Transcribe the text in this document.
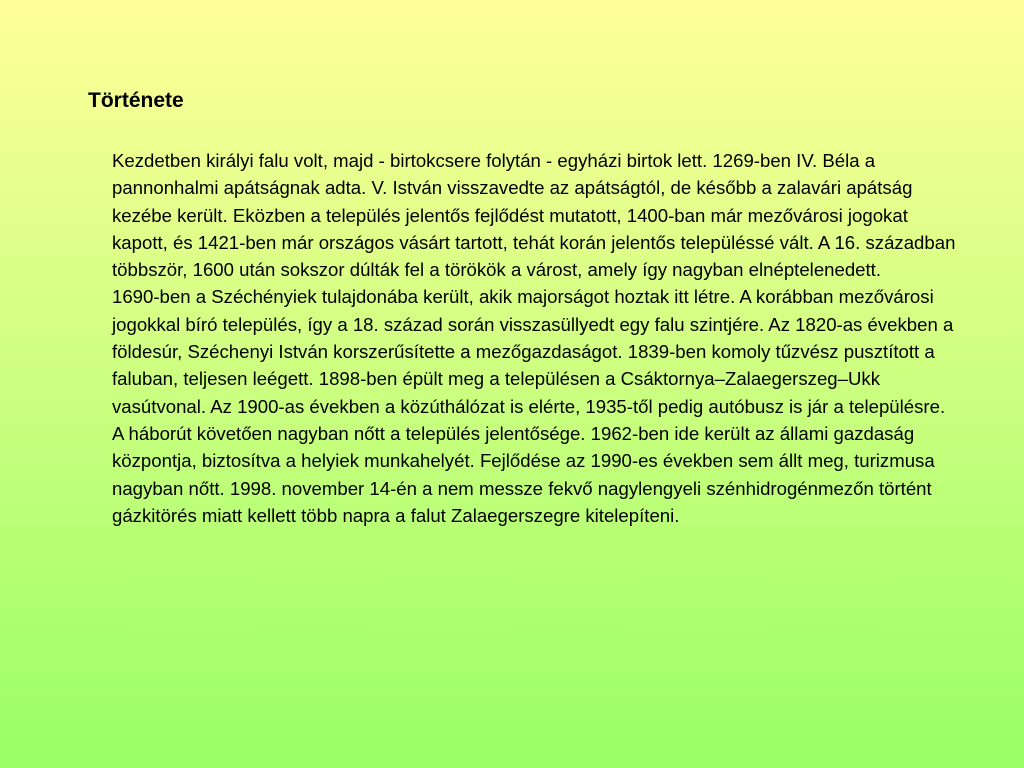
Története

Kezdetben királyi falu volt, majd - birtokcsere folytán - egyházi birtok lett. 1269-ben IV. Béla a pannonhalmi apátságnak adta. V. István visszavedte az apátságtól, de később a zalavári apátság kezébe került. Eközben a település jelentős fejlődést mutatott, 1400-ban már mezővárosi jogokat kapott, és 1421-ben már országos vásárt tartott, tehát korán jelentős településsé vált. A 16. században többször, 1600 után sokszor dúlták fel a törökök a várost, amely így nagyban elnéptelenedett.

1690-ben a Széchényiek tulajdonába került, akik majorságot hoztak itt létre. A korábban mezővárosi jogokkal bíró település, így a 18. század során visszasüllyedt egy falu szintjére. Az 1820-as években a földesúr, Széchenyi István korszerűsítette a mezőgazdaságot. 1839-ben komoly tűzvész pusztított a faluban, teljesen leégett. 1898-ben épült meg a településen a Csáktornya–Zalaegerszeg–Ukk vasútvonal. Az 1900-as években a közúthálózat is elérte, 1935-től pedig autóbusz is jár a településre.

A háborút követően nagyban nőtt a település jelentősége. 1962-ben ide került az állami gazdaság központja, biztosítva a helyiek munkahelyét. Fejlődése az 1990-es években sem állt meg, turizmusa nagyban nőtt. 1998. november 14-én a nem messze fekvő nagylengyeli szénhidrogénmezőn történt gázkitörés miatt kellett több napra a falut Zalaegerszegre kitelepíteni.
